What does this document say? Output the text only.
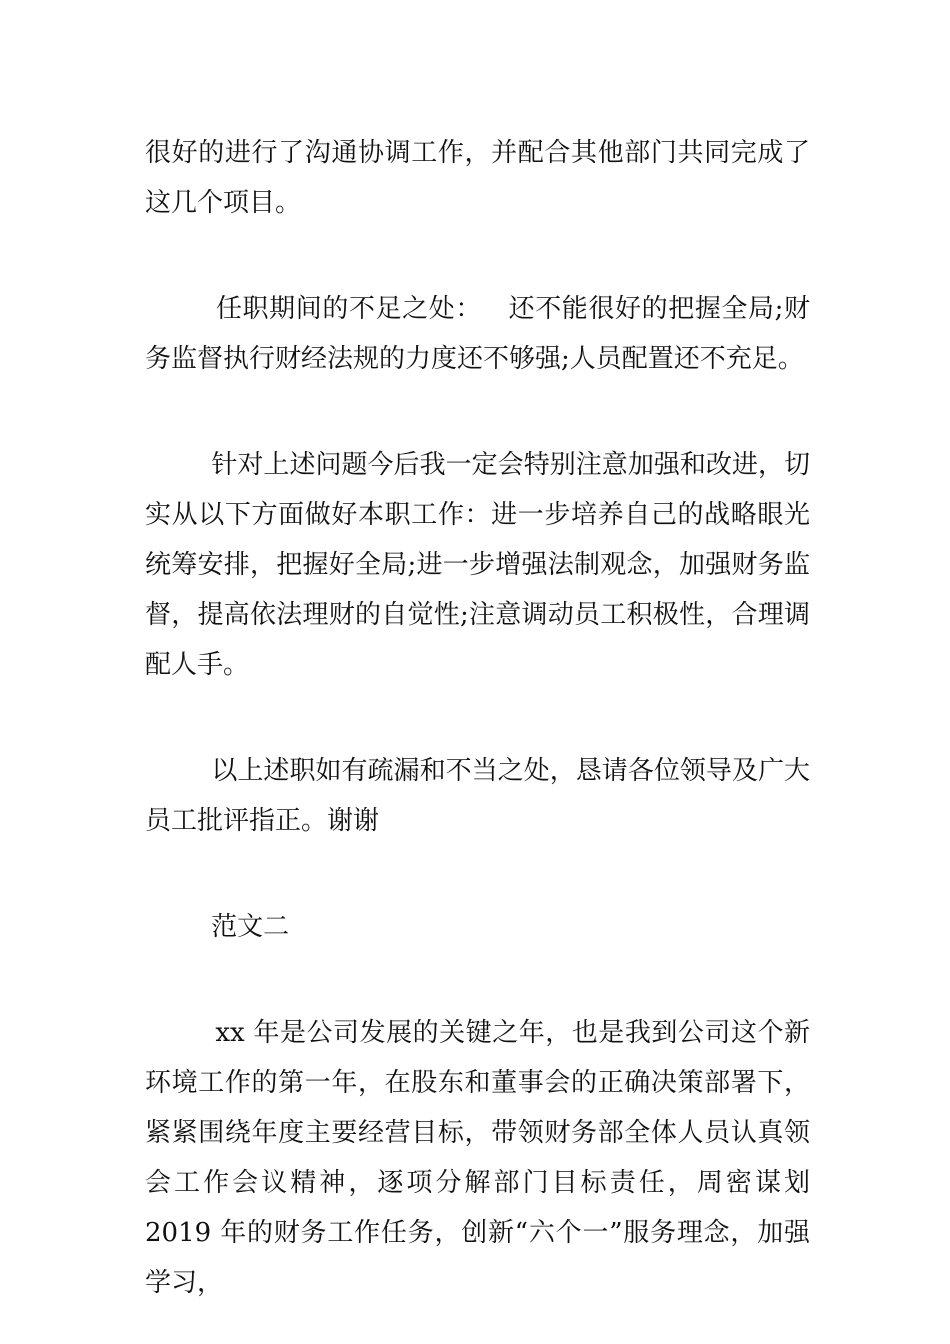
很好的进行了沟通协调工作，并配合其他部门共同完成了这几个项目。

任职期间的不足之处：   还不能很好的把握全局;财务监督执行财经法规的力度还不够强;人员配置还不充足。

针对上述问题今后我一定会特别注意加强和改进，切实从以下方面做好本职工作：进一步培养自己的战略眼光统筹安排，把握好全局;进一步增强法制观念，加强财务监督，提高依法理财的自觉性;注意调动员工积极性，合理调配人手。

以上述职如有疏漏和不当之处，恳请各位领导及广大员工批评指正。谢谢

范文二

xx 年是公司发展的关键之年，也是我到公司这个新环境工作的第一年，在股东和董事会的正确决策部署下，紧紧围绕年度主要经营目标，带领财务部全体人员认真领会工作会议精神，逐项分解部门目标责任，周密谋划 2019 年的财务工作任务，创新“六个一”服务理念，加强学习，
